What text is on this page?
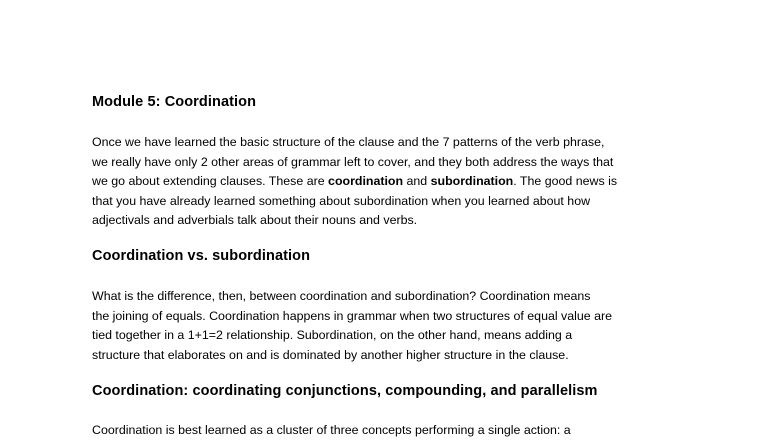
Module 5: Coordination
Once we have learned the basic structure of the clause and the 7 patterns of the verb phrase,
we really have only 2 other areas of grammar left to cover, and they both address the ways that
we go about extending clauses. These are coordination and subordination. The good news is
that you have already learned something about subordination when you learned about how
adjectivals and adverbials talk about their nouns and verbs.
Coordination vs. subordination
What is the difference, then, between coordination and subordination? Coordination means
the joining of equals. Coordination happens in grammar when two structures of equal value are
tied together in a 1+1=2 relationship. Subordination, on the other hand, means adding a
structure that elaborates on and is dominated by another higher structure in the clause.
Coordination: coordinating conjunctions, compounding, and parallelism
Coordination is best learned as a cluster of three concepts performing a single action: a
